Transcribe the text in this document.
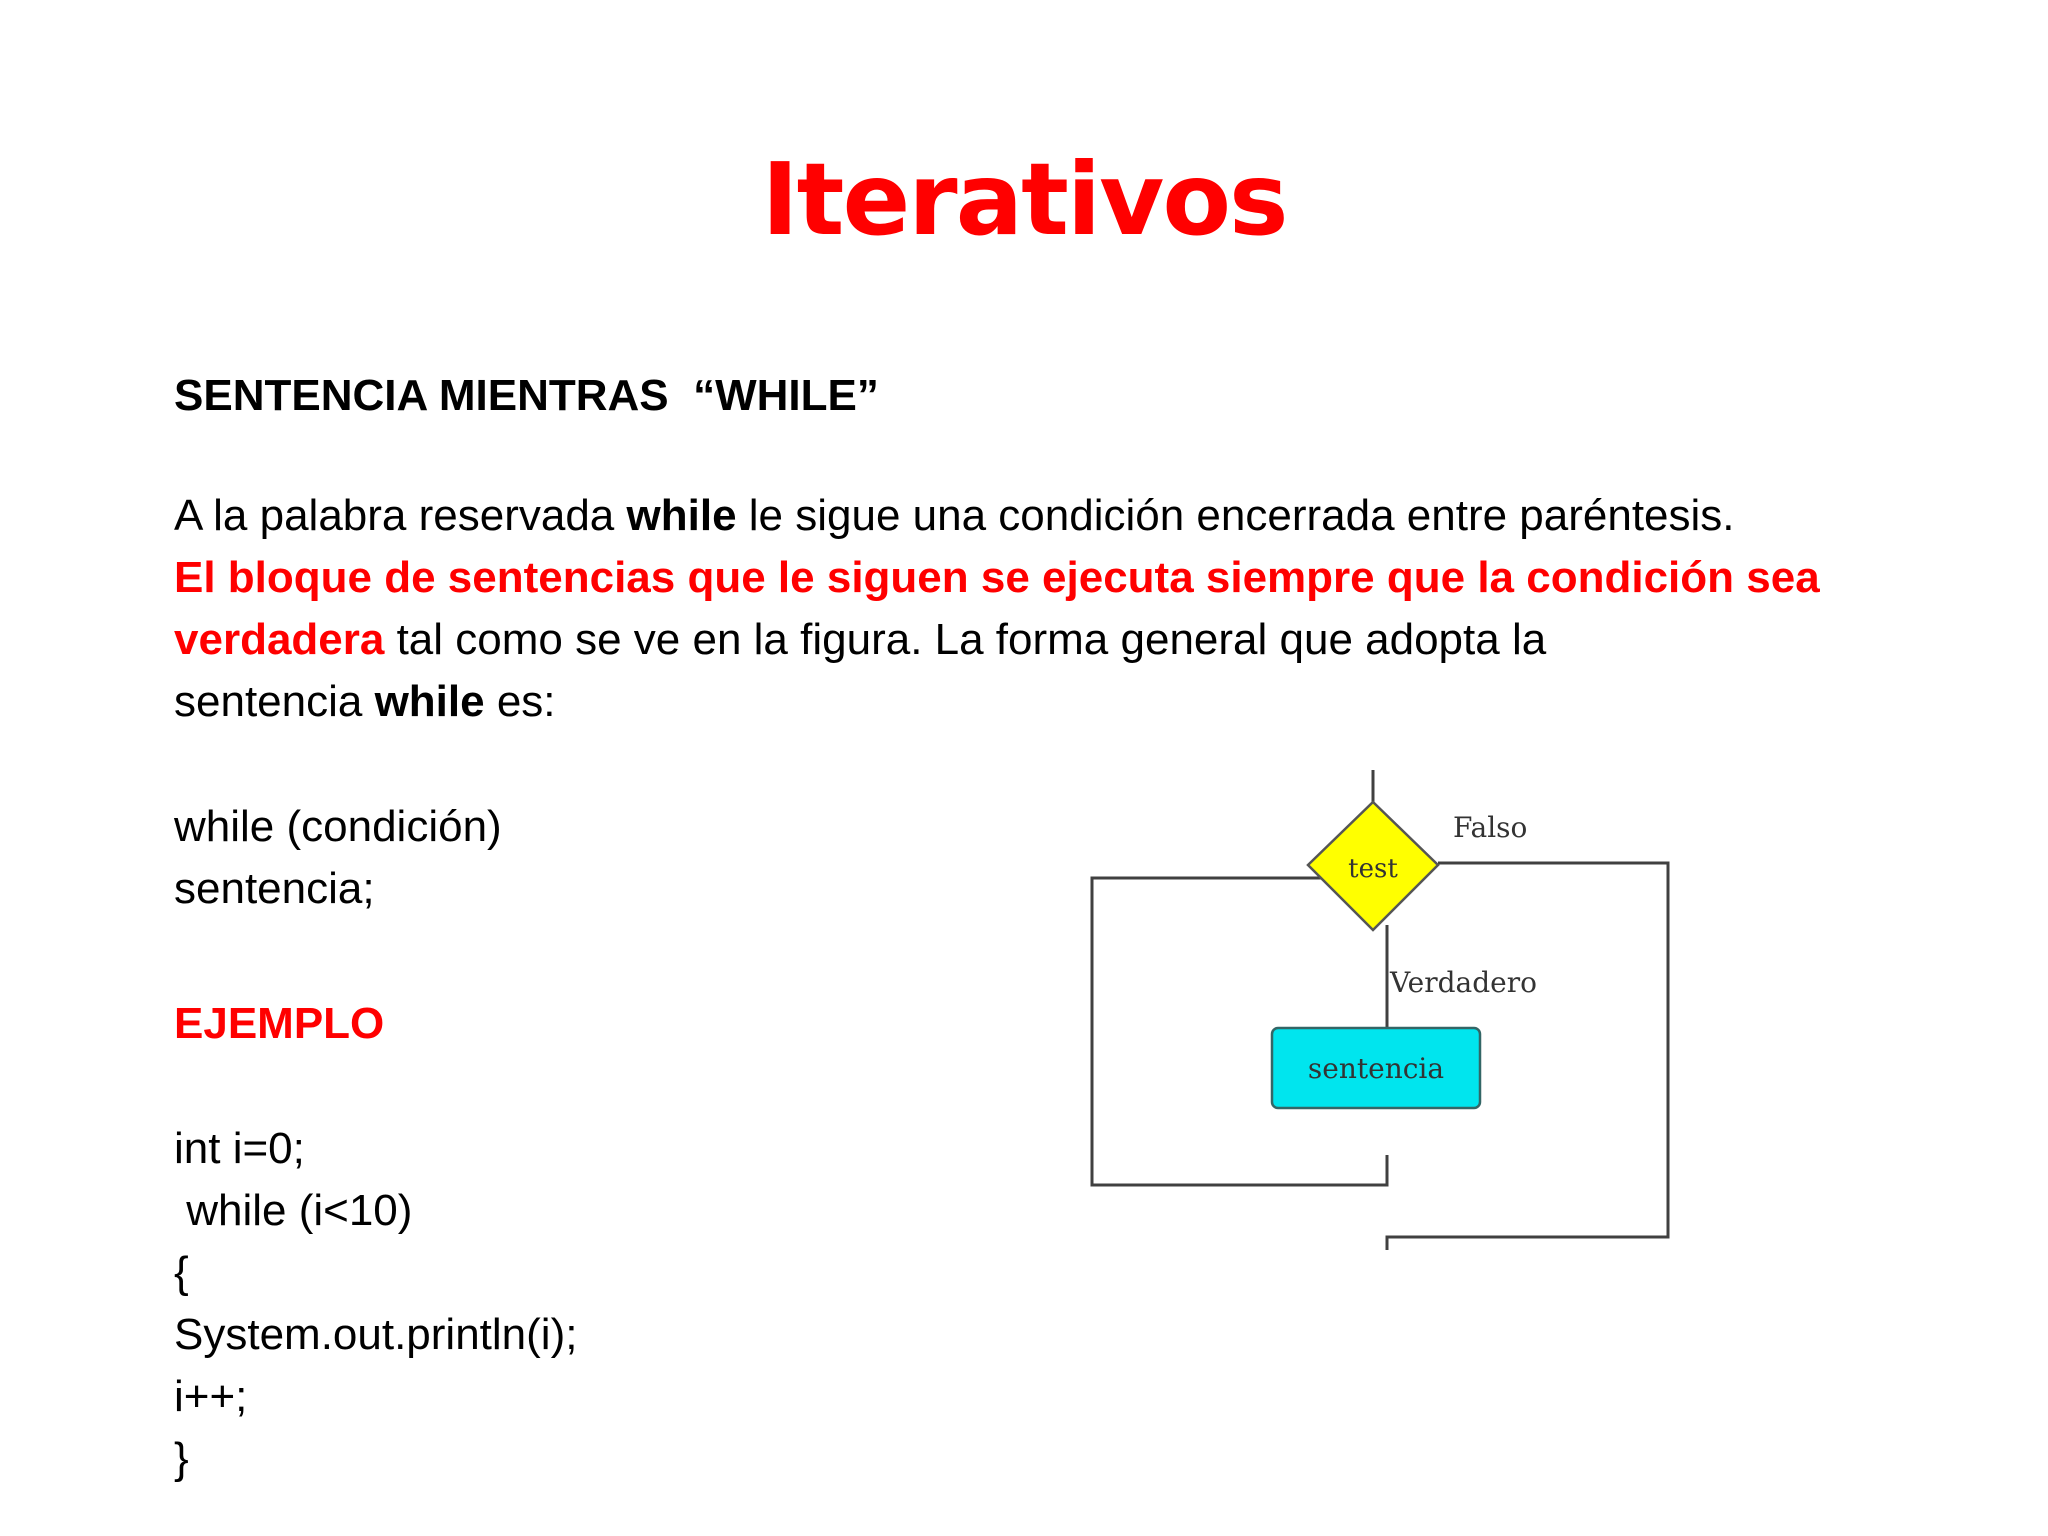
Iterativos
SENTENCIA MIENTRAS  “WHILE”
A la palabra reservada while le sigue una condición encerrada entre paréntesis.
El bloque de sentencias que le siguen se ejecuta siempre que la condición sea
verdadera tal como se ve en la figura. La forma general que adopta la
sentencia while es:
while (condición)
sentencia;
EJEMPLO
int i=0;
while (i<10)
{
System.out.println(i);
i++;
}
test
Falso
Verdadero
sentencia
